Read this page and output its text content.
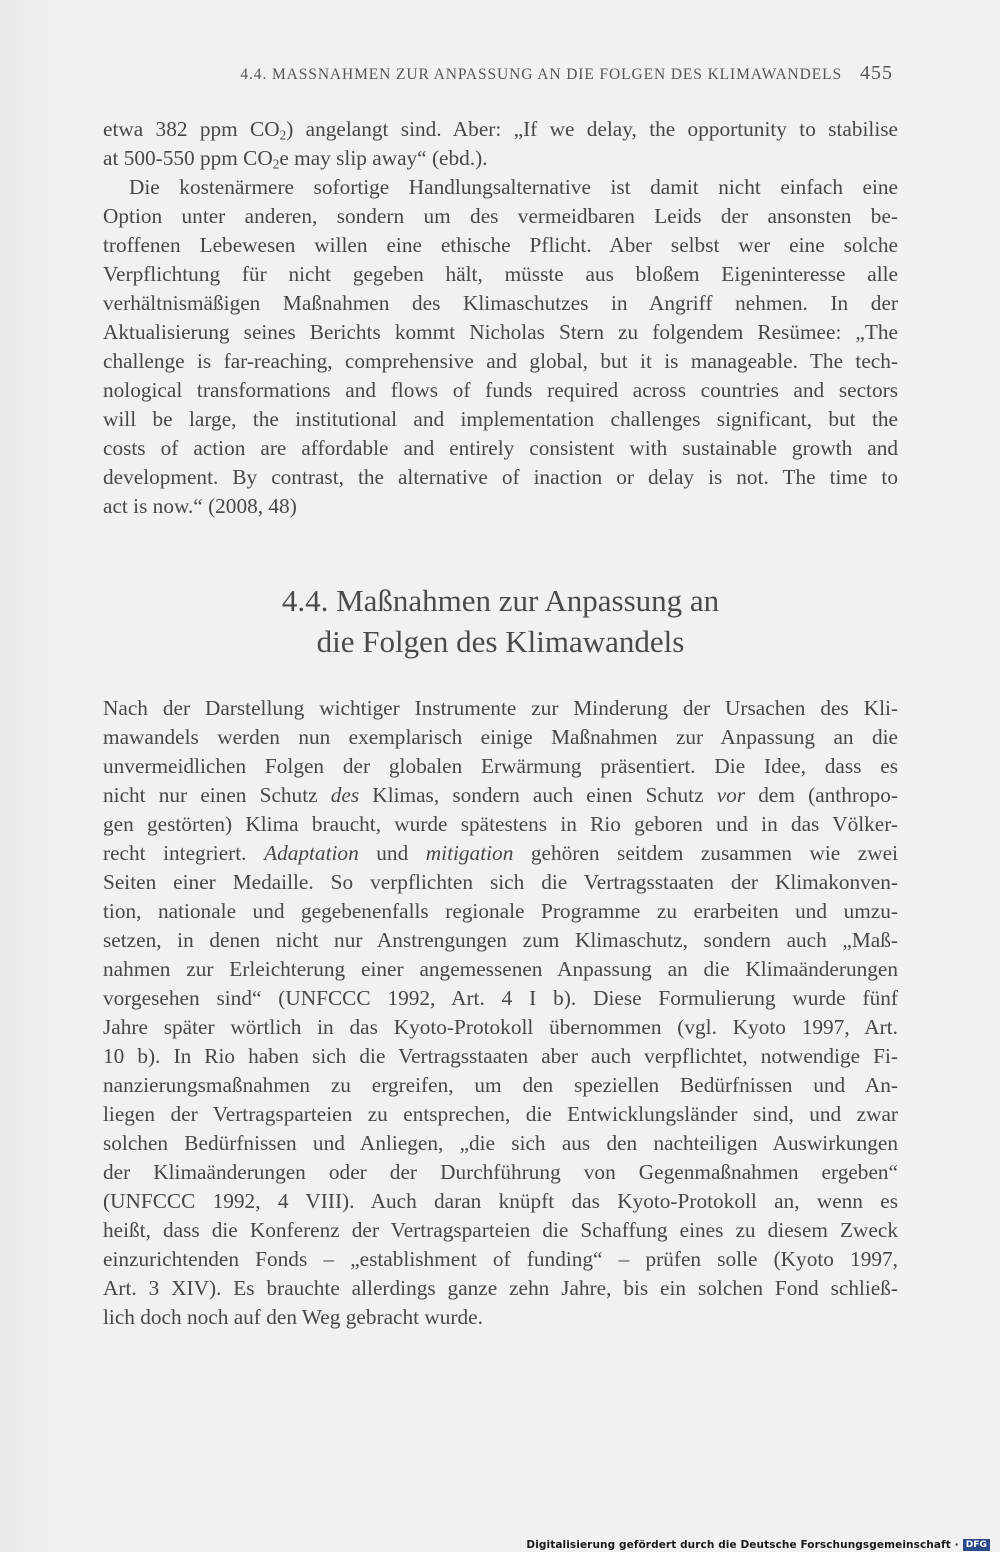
4.4. MASSNAHMEN ZUR ANPASSUNG AN DIE FOLGEN DES KLIMAWANDELS 455
etwa 382 ppm $CO_2$) angelangt sind. Aber: „If we delay, the opportunity to stabilise
at 500-550 ppm $CO_2e$ may slip away“ (ebd.).
Die kostenärmere sofortige Handlungsalternative ist damit nicht einfach eine
Option unter anderen, sondern um des vermeidbaren Leids der ansonsten be-
troffenen Lebewesen willen eine ethische Pflicht. Aber selbst wer eine solche
Verpflichtung für nicht gegeben hält, müsste aus bloßem Eigeninteresse alle
verhältnismäßigen Maßnahmen des Klimaschutzes in Angriff nehmen. In der
Aktualisierung seines Berichts kommt Nicholas Stern zu folgendem Resümee: „The
challenge is far-reaching, comprehensive and global, but it is manageable. The tech-
nological transformations and flows of funds required across countries and sectors
will be large, the institutional and implementation challenges significant, but the
costs of action are affordable and entirely consistent with sustainable growth and
development. By contrast, the alternative of inaction or delay is not. The time to
act is now.“ (2008, 48)
4.4. Maßnahmen zur Anpassung an
die Folgen des Klimawandels
Nach der Darstellung wichtiger Instrumente zur Minderung der Ursachen des Kli-
mawandels werden nun exemplarisch einige Maßnahmen zur Anpassung an die
unvermeidlichen Folgen der globalen Erwärmung präsentiert. Die Idee, dass es
nicht nur einen Schutz des Klimas, sondern auch einen Schutz vor dem (anthropo-
gen gestörten) Klima braucht, wurde spätestens in Rio geboren und in das Völker-
recht integriert. Adaptation und mitigation gehören seitdem zusammen wie zwei
Seiten einer Medaille. So verpflichten sich die Vertragsstaaten der Klimakonven-
tion, nationale und gegebenenfalls regionale Programme zu erarbeiten und umzu-
setzen, in denen nicht nur Anstrengungen zum Klimaschutz, sondern auch „Maß-
nahmen zur Erleichterung einer angemessenen Anpassung an die Klimaänderungen
vorgesehen sind“ (UNFCCC 1992, Art. 4 I b). Diese Formulierung wurde fünf
Jahre später wörtlich in das Kyoto-Protokoll übernommen (vgl. Kyoto 1997, Art.
10 b). In Rio haben sich die Vertragsstaaten aber auch verpflichtet, notwendige Fi-
nanzierungsmaßnahmen zu ergreifen, um den speziellen Bedürfnissen und An-
liegen der Vertragsparteien zu entsprechen, die Entwicklungsländer sind, und zwar
solchen Bedürfnissen und Anliegen, „die sich aus den nachteiligen Auswirkungen
der Klimaänderungen oder der Durchführung von Gegenmaßnahmen ergeben“
(UNFCCC 1992, 4 VIII). Auch daran knüpft das Kyoto-Protokoll an, wenn es
heißt, dass die Konferenz der Vertragsparteien die Schaffung eines zu diesem Zweck
einzurichtenden Fonds – „establishment of funding“ – prüfen solle (Kyoto 1997,
Art. 3 XIV). Es brauchte allerdings ganze zehn Jahre, bis ein solchen Fond schließ-
lich doch noch auf den Weg gebracht wurde.
Digitalisierung gefördert durch die Deutsche Forschungsgemeinschaft · DFG
